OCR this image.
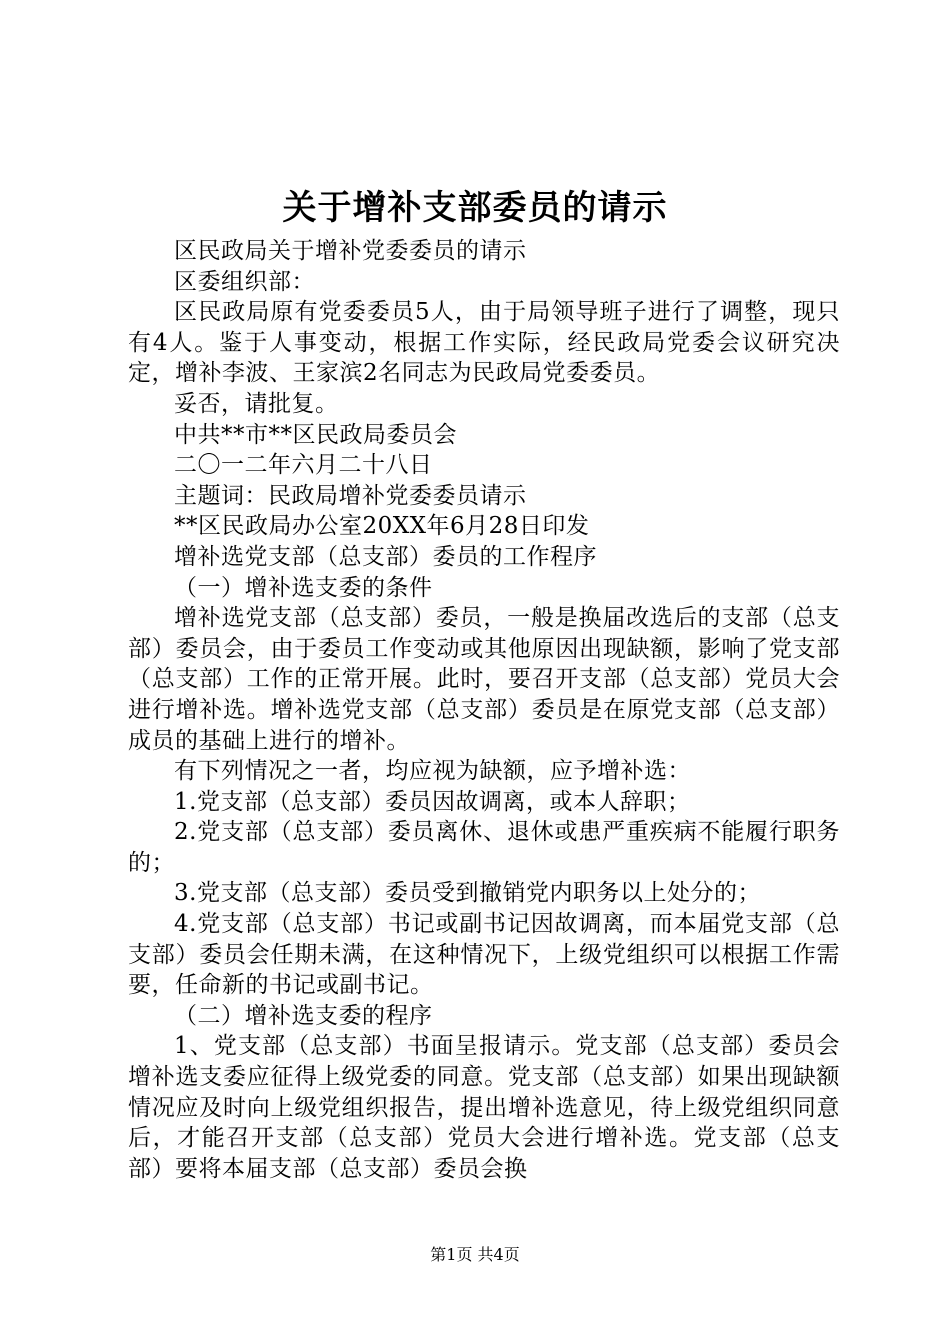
关于增补支部委员的请示

区民政局关于增补党委委员的请示

区委组织部：

区民政局原有党委委员5人，由于局领导班子进行了调整，现只有4人。鉴于人事变动，根据工作实际，经民政局党委会议研究决定，增补李波、王家滨2名同志为民政局党委委员。

妥否，请批复。

中共**市**区民政局委员会

二〇一二年六月二十八日

主题词：民政局增补党委委员请示

**区民政局办公室20XX年6月28日印发

增补选党支部（总支部）委员的工作程序

（一）增补选支委的条件

增补选党支部（总支部）委员，一般是换届改选后的支部（总支部）委员会，由于委员工作变动或其他原因出现缺额，影响了党支部（总支部）工作的正常开展。此时，要召开支部（总支部）党员大会进行增补选。增补选党支部（总支部）委员是在原党支部（总支部）成员的基础上进行的增补。

有下列情况之一者，均应视为缺额，应予增补选：

1.党支部（总支部）委员因故调离，或本人辞职；

2.党支部（总支部）委员离休、退休或患严重疾病不能履行职务的；

3.党支部（总支部）委员受到撤销党内职务以上处分的；

4.党支部（总支部）书记或副书记因故调离，而本届党支部（总支部）委员会任期未满，在这种情况下，上级党组织可以根据工作需要，任命新的书记或副书记。

（二）增补选支委的程序

1、党支部（总支部）书面呈报请示。党支部（总支部）委员会增补选支委应征得上级党委的同意。党支部（总支部）如果出现缺额情况应及时向上级党组织报告，提出增补选意见，待上级党组织同意后，才能召开支部（总支部）党员大会进行增补选。党支部（总支部）要将本届支部（总支部）委员会换

第1页 共4页
